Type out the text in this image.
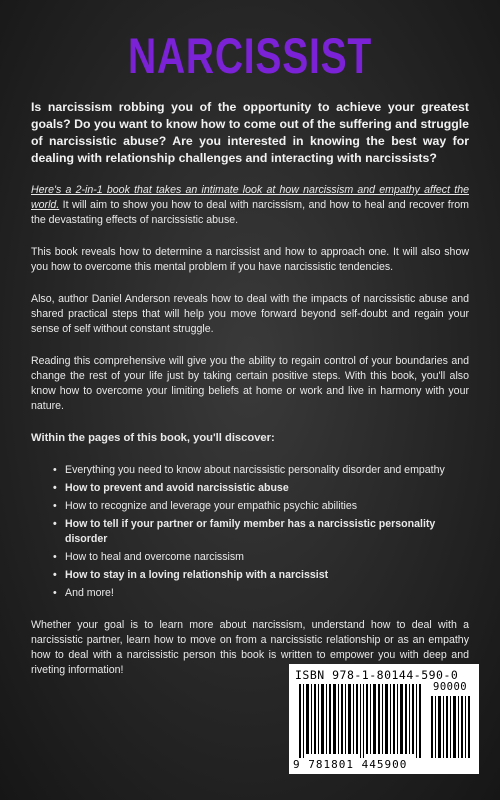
NARCISSIST
Is narcissism robbing you of the opportunity to achieve your greatest goals? Do you want to know how to come out of the suffering and struggle of narcissistic abuse? Are you interested in knowing the best way for dealing with relationship challenges and interacting with narcissists?

Here's a 2-in-1 book that takes an intimate look at how narcissism and empathy affect the world. It will aim to show you how to deal with narcissism, and how to heal and recover from the devastating effects of narcissistic abuse.

This book reveals how to determine a narcissist and how to approach one. It will also show you how to overcome this mental problem if you have narcissistic tendencies.

Also, author Daniel Anderson reveals how to deal with the impacts of narcissistic abuse and shared practical steps that will help you move forward beyond self-doubt and regain your sense of self without constant struggle.

Reading this comprehensive will give you the ability to regain control of your boundaries and change the rest of your life just by taking certain positive steps. With this book, you'll also know how to overcome your limiting beliefs at home or work and live in harmony with your nature.

Within the pages of this book, you'll discover:
• Everything you need to know about narcissistic personality disorder and empathy
• How to prevent and avoid narcissistic abuse
• How to recognize and leverage your empathic psychic abilities
• How to tell if your partner or family member has a narcissistic personality disorder
• How to heal and overcome narcissism
• How to stay in a loving relationship with a narcissist
• And more!

Whether your goal is to learn more about narcissism, understand how to deal with a narcissistic partner, learn how to move on from a narcissistic relationship or as an empathy how to deal with a narcissistic person this book is written to empower you with deep and riveting information!	ISBN 978-1-80144-590-0
90000
9 781801 445900
